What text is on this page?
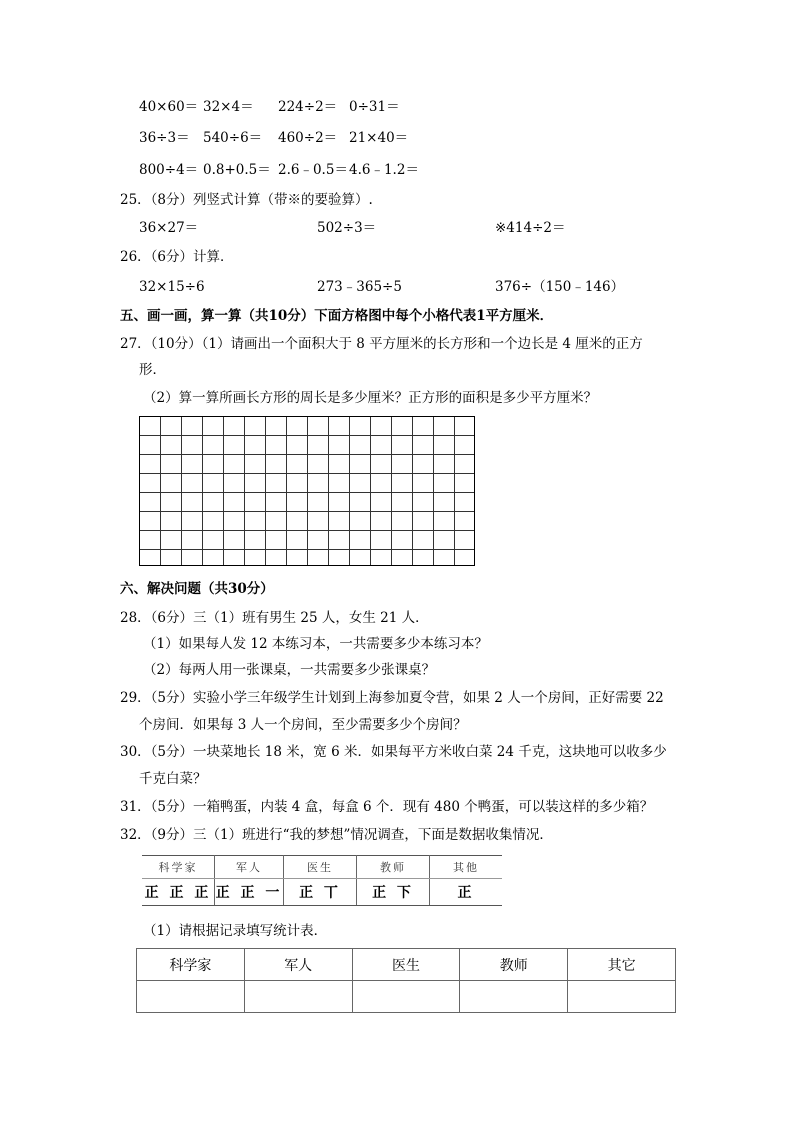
40×60＝ 32×4＝ 224÷2＝ 0÷31＝
36÷3＝ 540÷6＝ 460÷2＝ 21×40＝
800÷4＝ 0.8+0.5＝ 2.6﹣0.5＝ 4.6﹣1.2＝
25．（8分）列竖式计算（带※的要验算）.
36×27＝	502÷3＝	※414÷2＝
26．（6分）计算．
32×15÷6	273﹣365÷5	376÷（150﹣146）
五、画一画，算一算（共10分）下面方格图中每个小格代表1平方厘米．
27．（10分）（1）请画出一个面积大于 8 平方厘米的长方形和一个边长是 4 厘米的正方
形．
（2）算一算所画长方形的周长是多少厘米？正方形的面积是多少平方厘米？
六、解决问题（共30分）
28．（6分）三（1）班有男生 25 人，女生 21 人．
（1）如果每人发 12 本练习本，一共需要多少本练习本？
（2）每两人用一张课桌，一共需要多少张课桌？
29．（5分）实验小学三年级学生计划到上海参加夏令营，如果 2 人一个房间，正好需要 22
个房间．如果每 3 人一个房间，至少需要多少个房间？
30．（5分）一块菜地长 18 米，宽 6 米．如果每平方米收白菜 24 千克，这块地可以收多少
千克白菜？
31．（5分）一箱鸭蛋，内装 4 盒，每盒 6 个．现有 480 个鸭蛋，可以装这样的多少箱？
32．（9分）三（1）班进行“我的梦想”情况调查，下面是数据收集情况．
科学家	军人	医生	教师	其他
正 正 正	正 正 一	正 丅	正 下	正
（1）请根据记录填写统计表．
科学家	军人	医生	教师	其它
